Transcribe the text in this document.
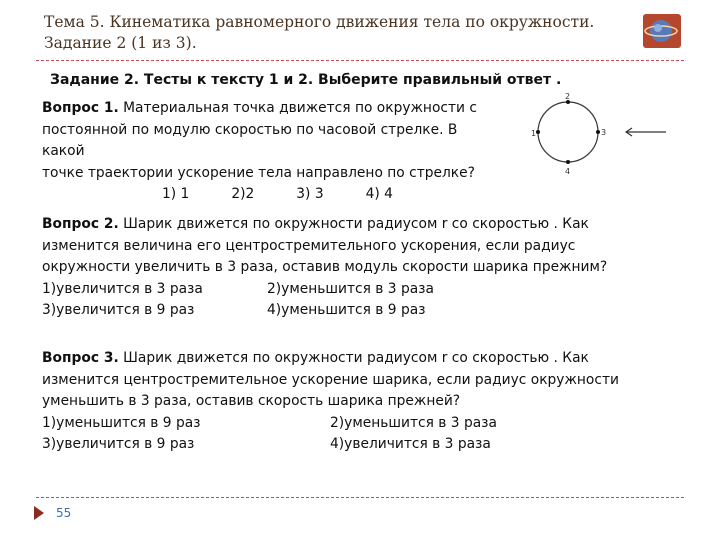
Тема 5. Кинематика равномерного движения тела по окружности.
Задание 2 (1 из 3).
Задание 2. Тесты к тексту 1 и 2. Выберите правильный ответ .
Вопрос 1. Материальная точка движется по окружности с
постоянной по модулю скоростью по часовой стрелке. В какой
точке траектории ускорение тела направлено по стрелке?
1) 1	2)2	3) 3	4) 4
1
2
3
4
Вопрос 2. Шарик движется по окружности радиусом r со скоростью . Как
изменится величина его центростремительного ускорения, если радиус
окружности увеличить в 3 раза, оставив модуль скорости шарика прежним?
1)увеличится в 3 раза	2)уменьшится в 3 раза
3)увеличится в 9 раз	4)уменьшится в 9 раз
Вопрос 3. Шарик движется по окружности радиусом r со скоростью . Как
изменится центростремительное ускорение шарика, если радиус окружности
уменьшить в 3 раза, оставив скорость шарика прежней?
1)уменьшится в 9 раз	2)уменьшится в 3 раза
3)увеличится в 9 раз	4)увеличится в 3 раза
55
